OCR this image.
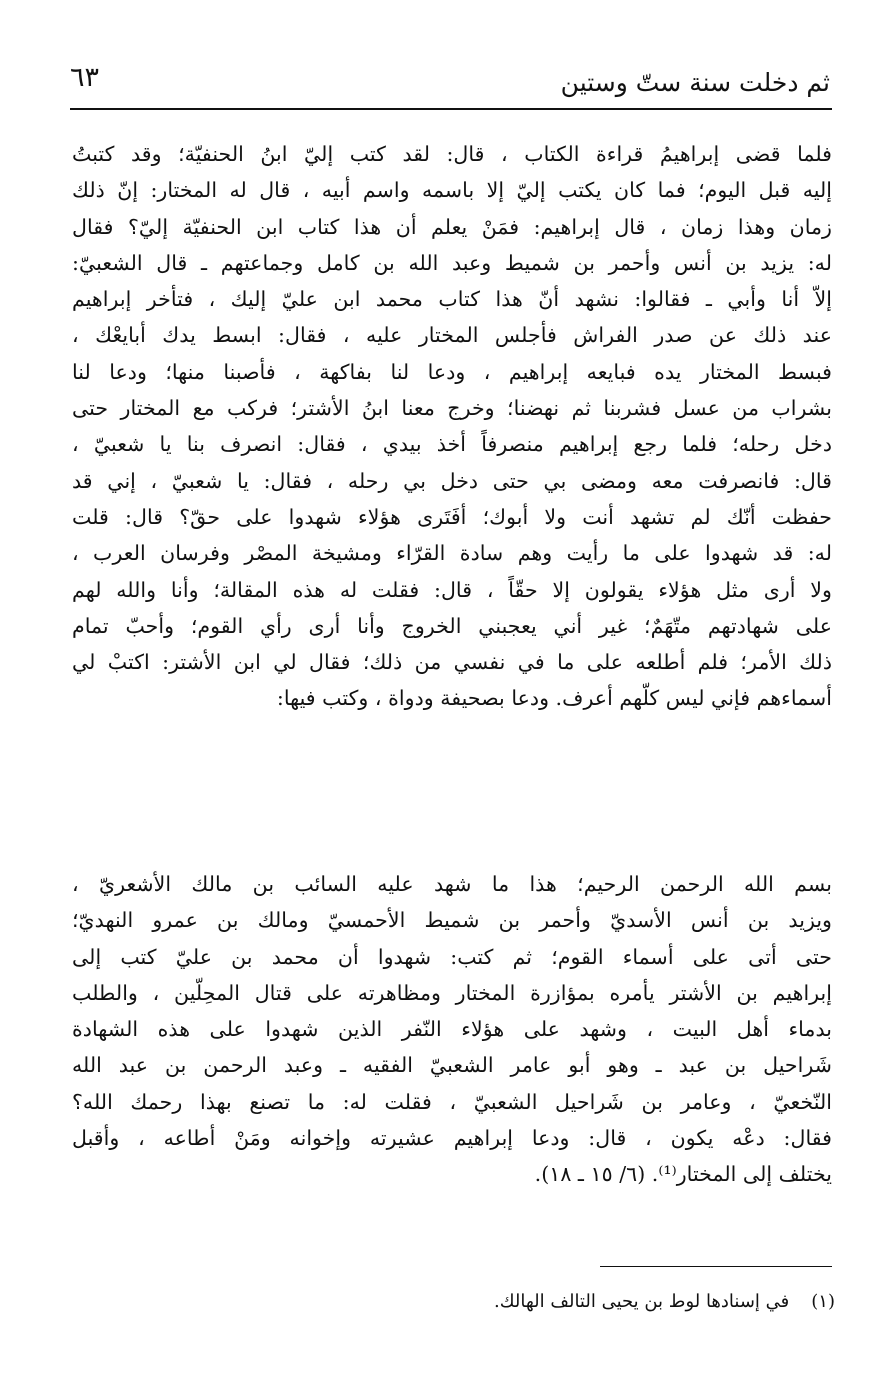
ثم دخلت سنة ستّ وستين
٦٣
فلما قضى إبراهيمُ قراءة الكتاب ، قال: لقد كتب إليّ ابنُ الحنفيّة؛ وقد كتبتُ
إليه قبل اليوم؛ فما كان يكتب إليّ إلا باسمه واسم أبيه ، قال له المختار: إنّ ذلك
زمان وهذا زمان ، قال إبراهيم: فمَنْ يعلم أن هذا كتاب ابن الحنفيّة إليّ؟ فقال
له: يزيد بن أنس وأحمر بن شميط وعبد الله بن كامل وجماعتهم ـ قال الشعبيّ:
إلاّ أنا وأبي ـ فقالوا: نشهد أنّ هذا كتاب محمد ابن عليّ إليك ، فتأخر إبراهيم
عند ذلك عن صدر الفراش فأجلس المختار عليه ، فقال: ابسط يدك أبايعْك ،
فبسط المختار يده فبايعه إبراهيم ، ودعا لنا بفاكهة ، فأصبنا منها؛ ودعا لنا
بشراب من عسل فشربنا ثم نهضنا؛ وخرج معنا ابنُ الأشتر؛ فركب مع المختار حتى
دخل رحله؛ فلما رجع إبراهيم منصرفاً أخذ بيدي ، فقال: انصرف بنا يا شعبيّ ،
قال: فانصرفت معه ومضى بي حتى دخل بي رحله ، فقال: يا شعبيّ ، إني قد
حفظت أنّك لم تشهد أنت ولا أبوك؛ أفَتَرى هؤلاء شهدوا على حقّ؟ قال: قلت
له: قد شهدوا على ما رأيت وهم سادة القرّاء ومشيخة المصْر وفرسان العرب ،
ولا أرى مثل هؤلاء يقولون إلا حقّاً ، قال: فقلت له هذه المقالة؛ وأنا والله لهم
على شهادتهم متّهَمٌ؛ غير أني يعجبني الخروج وأنا أرى رأي القوم؛ وأحبّ تمام
ذلك الأمر؛ فلم أطلعه على ما في نفسي من ذلك؛ فقال لي ابن الأشتر: اكتبْ لي
أسماءهم فإني ليس كلّهم أعرف. ودعا بصحيفة ودواة ، وكتب فيها:
بسم الله الرحمن الرحيم؛ هذا ما شهد عليه السائب بن مالك الأشعريّ ،
ويزيد بن أنس الأسديّ وأحمر بن شميط الأحمسيّ ومالك بن عمرو النهديّ؛
حتى أتى على أسماء القوم؛ ثم كتب: شهدوا أن محمد بن عليّ كتب إلى
إبراهيم بن الأشتر يأمره بمؤازرة المختار ومظاهرته على قتال المحِلّين ، والطلب
بدماء أهل البيت ، وشهد على هؤلاء النّفر الذين شهدوا على هذه الشهادة
شَراحيل بن عبد ـ وهو أبو عامر الشعبيّ الفقيه ـ وعبد الرحمن بن عبد الله
النّخعيّ ، وعامر بن شَراحيل الشعبيّ ، فقلت له: ما تصنع بهذا رحمك الله؟
فقال: دعْه يكون ، قال: ودعا إبراهيم عشيرته وإخوانه ومَنْ أطاعه ، وأقبل
يختلف إلى المختار⁽¹⁾. (٦/ ١٥ ـ ١٨).
(١)في إسنادها لوط بن يحيى التالف الهالك.
